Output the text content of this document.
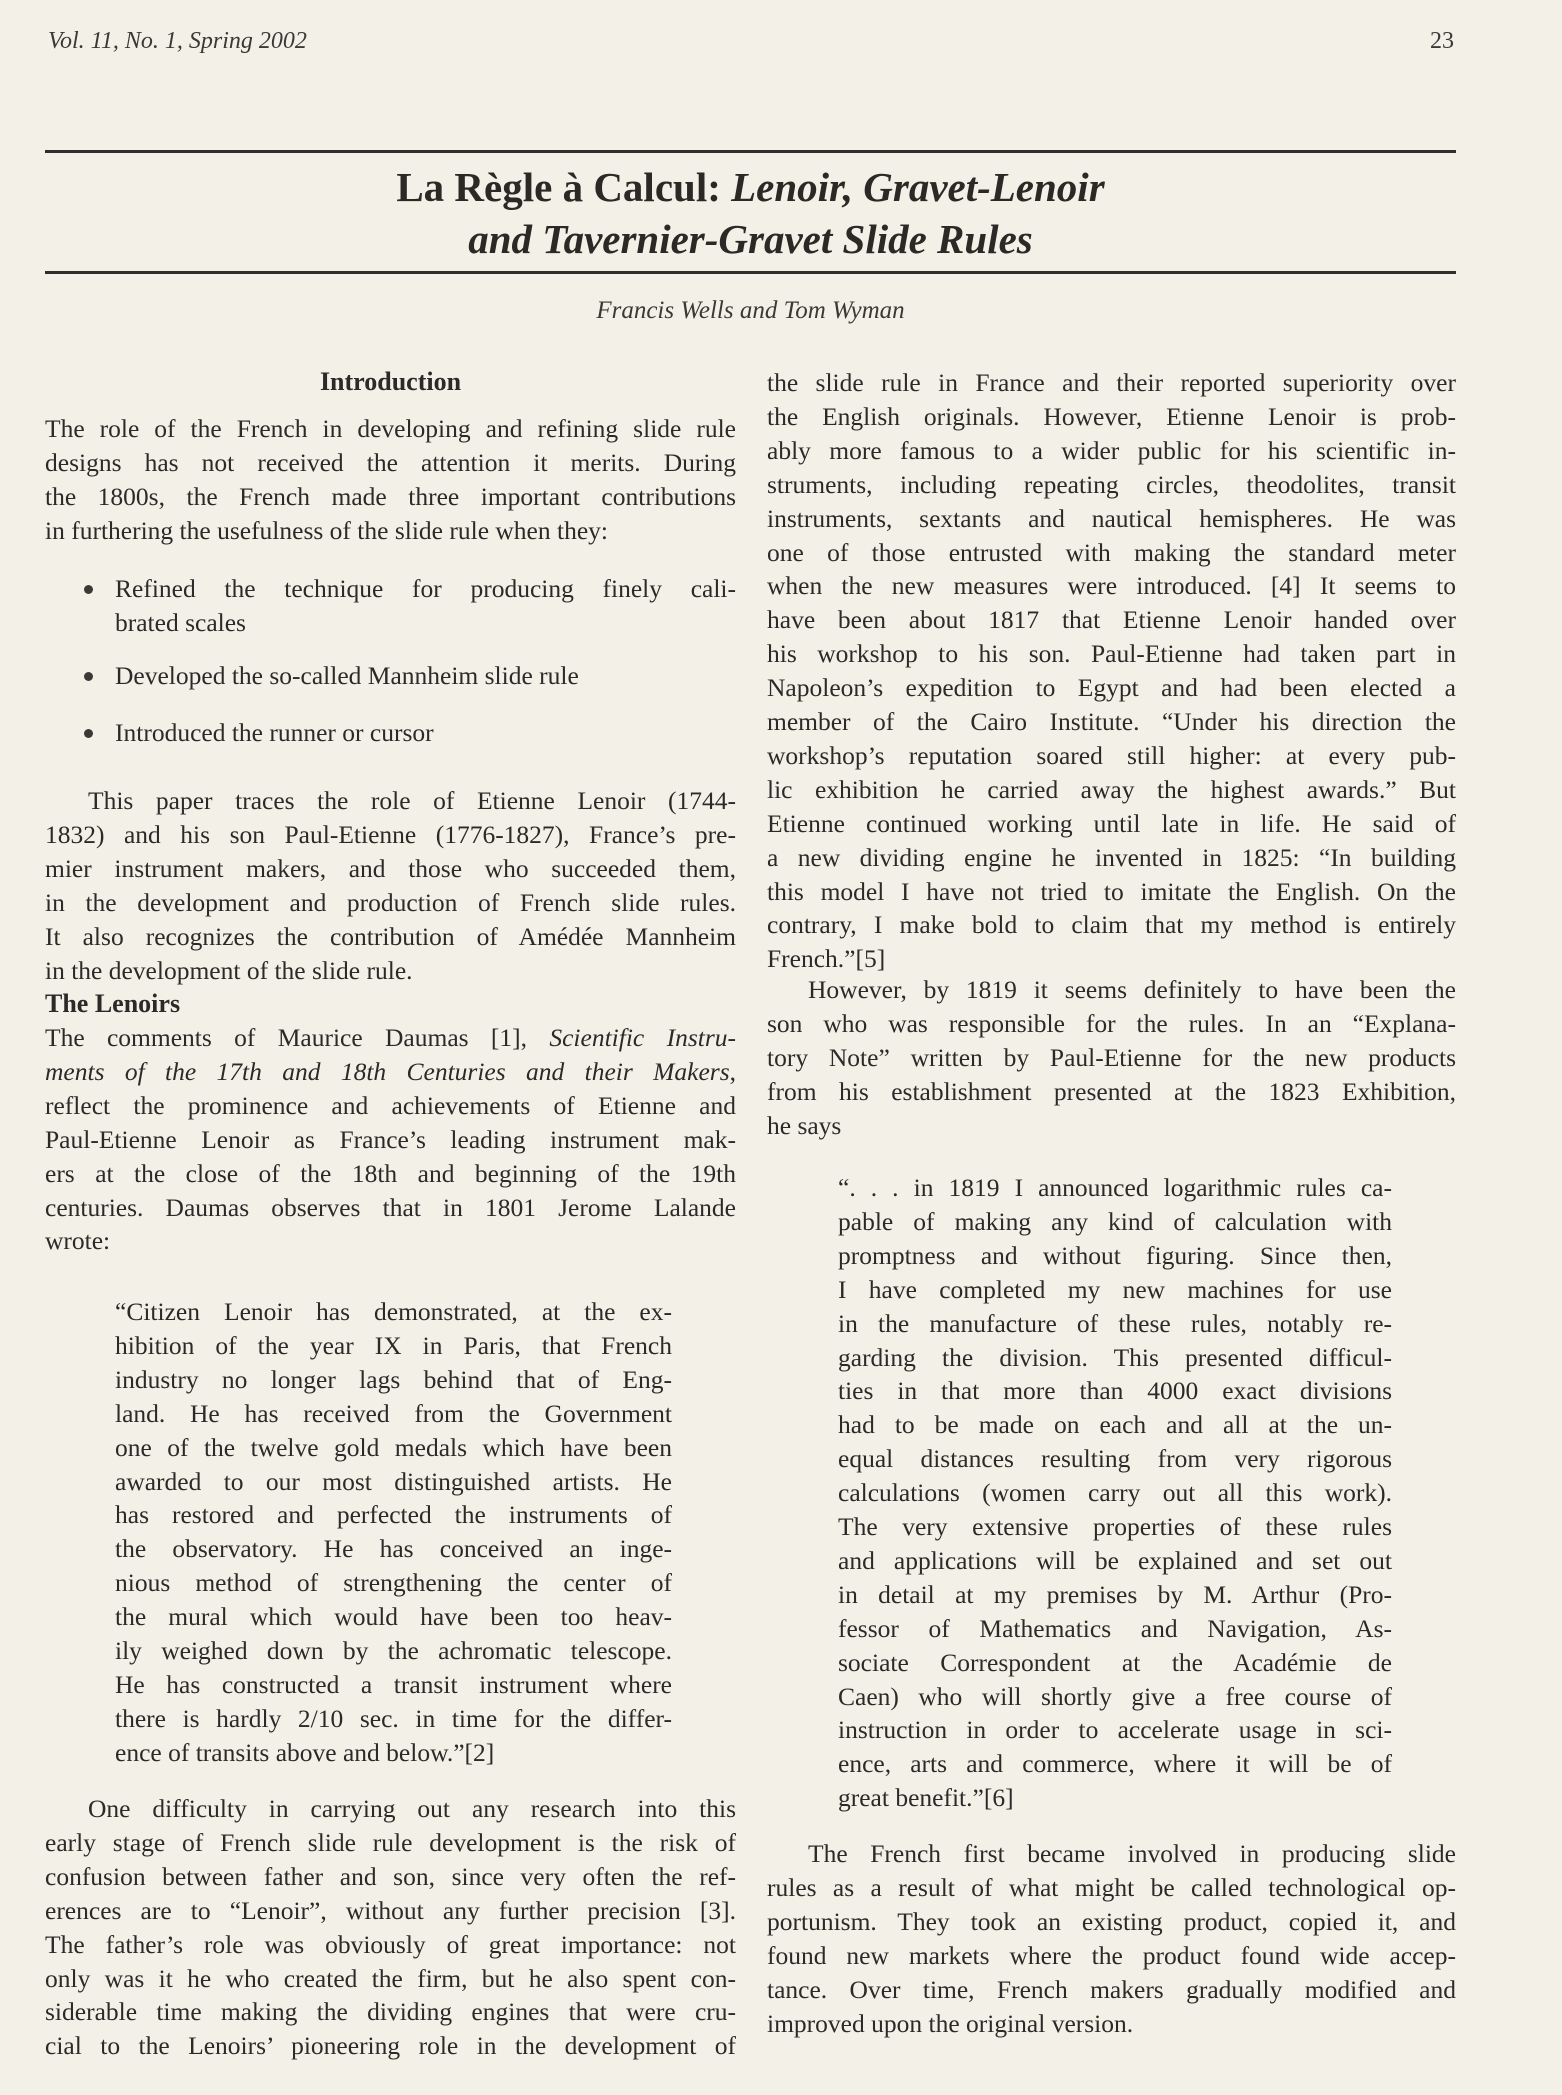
Vol. 11, No. 1, Spring 2002	23
La Règle à Calcul: Lenoir, Gravet-Lenoir
and Tavernier-Gravet Slide Rules
Francis Wells and Tom Wyman
Introduction
The role of the French in developing and refining slide rule
designs has not received the attention it merits. During
the 1800s, the French made three important contributions
in furthering the usefulness of the slide rule when they:
Refined the technique for producing finely cali-
brated scales
Developed the so-called Mannheim slide rule
Introduced the runner or cursor
This paper traces the role of Etienne Lenoir (1744-
1832) and his son Paul-Etienne (1776-1827), France’s pre-
mier instrument makers, and those who succeeded them,
in the development and production of French slide rules.
It also recognizes the contribution of Amédée Mannheim
in the development of the slide rule.
The Lenoirs
The comments of Maurice Daumas [1], Scientific Instru-
ments of the 17th and 18th Centuries and their Makers,
reflect the prominence and achievements of Etienne and
Paul-Etienne Lenoir as France’s leading instrument mak-
ers at the close of the 18th and beginning of the 19th
centuries. Daumas observes that in 1801 Jerome Lalande
wrote:
“Citizen Lenoir has demonstrated, at the ex-
hibition of the year IX in Paris, that French
industry no longer lags behind that of Eng-
land. He has received from the Government
one of the twelve gold medals which have been
awarded to our most distinguished artists. He
has restored and perfected the instruments of
the observatory. He has conceived an inge-
nious method of strengthening the center of
the mural which would have been too heav-
ily weighed down by the achromatic telescope.
He has constructed a transit instrument where
there is hardly 2/10 sec. in time for the differ-
ence of transits above and below.”[2]
One difficulty in carrying out any research into this
early stage of French slide rule development is the risk of
confusion between father and son, since very often the ref-
erences are to “Lenoir”, without any further precision [3].
The father’s role was obviously of great importance: not
only was it he who created the firm, but he also spent con-
siderable time making the dividing engines that were cru-
cial to the Lenoirs’ pioneering role in the development of
the slide rule in France and their reported superiority over
the English originals. However, Etienne Lenoir is prob-
ably more famous to a wider public for his scientific in-
struments, including repeating circles, theodolites, transit
instruments, sextants and nautical hemispheres. He was
one of those entrusted with making the standard meter
when the new measures were introduced. [4] It seems to
have been about 1817 that Etienne Lenoir handed over
his workshop to his son. Paul-Etienne had taken part in
Napoleon’s expedition to Egypt and had been elected a
member of the Cairo Institute. “Under his direction the
workshop’s reputation soared still higher: at every pub-
lic exhibition he carried away the highest awards.” But
Etienne continued working until late in life. He said of
a new dividing engine he invented in 1825: “In building
this model I have not tried to imitate the English. On the
contrary, I make bold to claim that my method is entirely
French.”[5]
However, by 1819 it seems definitely to have been the
son who was responsible for the rules. In an “Explana-
tory Note” written by Paul-Etienne for the new products
from his establishment presented at the 1823 Exhibition,
he says
“. . . in 1819 I announced logarithmic rules ca-
pable of making any kind of calculation with
promptness and without figuring. Since then,
I have completed my new machines for use
in the manufacture of these rules, notably re-
garding the division. This presented difficul-
ties in that more than 4000 exact divisions
had to be made on each and all at the un-
equal distances resulting from very rigorous
calculations (women carry out all this work).
The very extensive properties of these rules
and applications will be explained and set out
in detail at my premises by M. Arthur (Pro-
fessor of Mathematics and Navigation, As-
sociate Correspondent at the Académie de
Caen) who will shortly give a free course of
instruction in order to accelerate usage in sci-
ence, arts and commerce, where it will be of
great benefit.”[6]
The French first became involved in producing slide
rules as a result of what might be called technological op-
portunism. They took an existing product, copied it, and
found new markets where the product found wide accep-
tance. Over time, French makers gradually modified and
improved upon the original version.
